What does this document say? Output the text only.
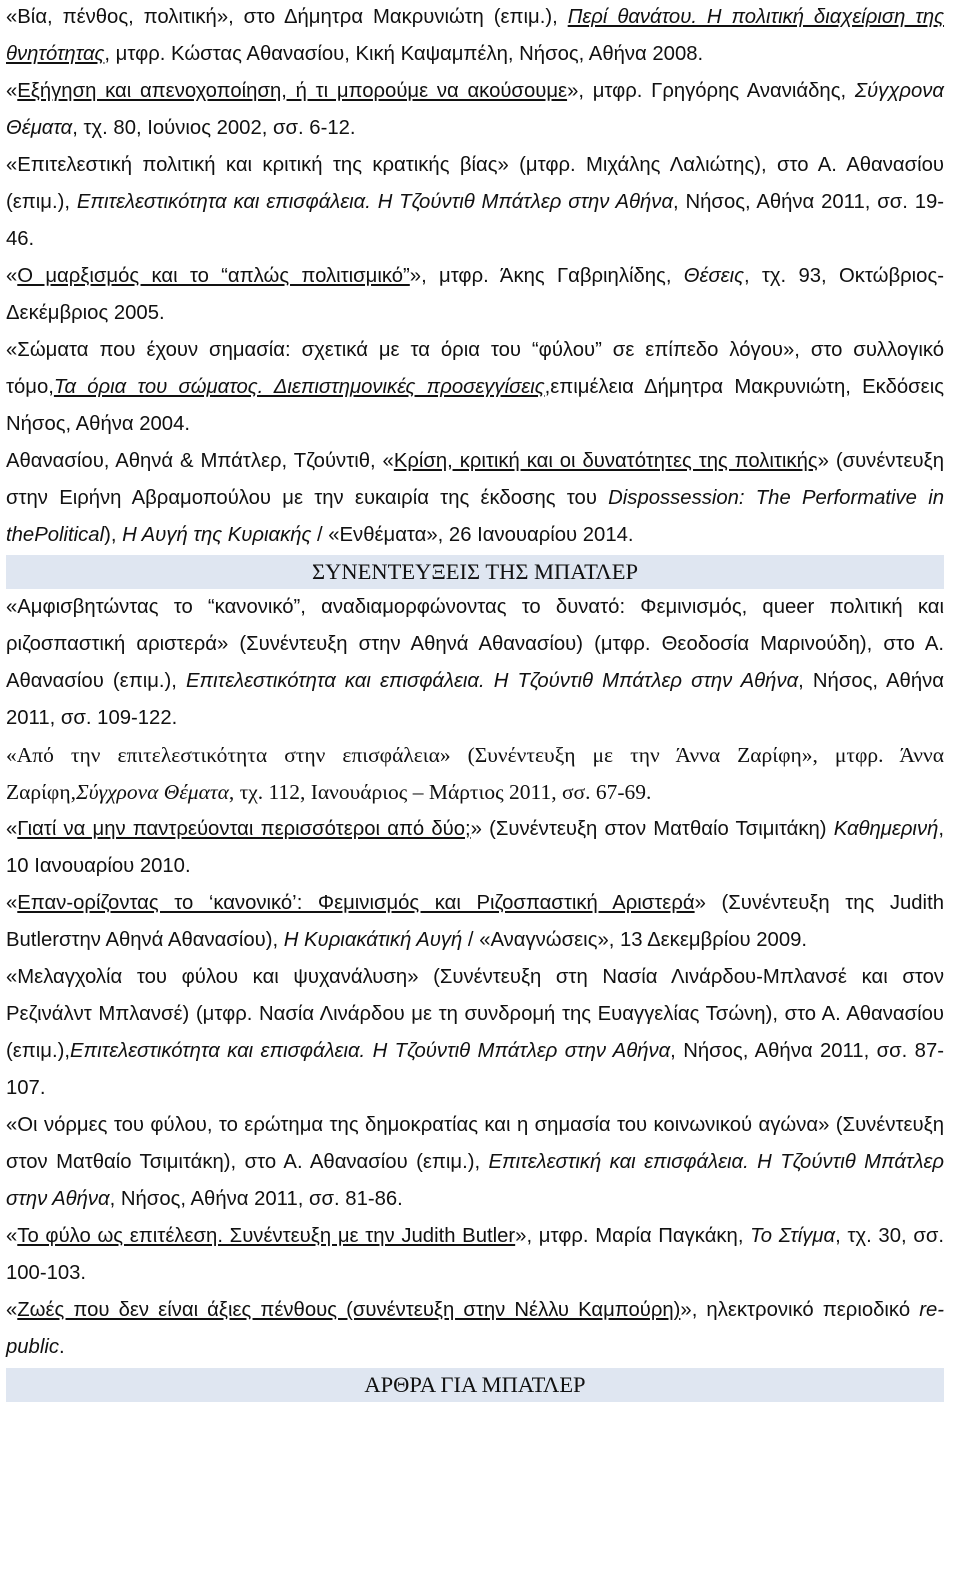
«Βία, πένθος, πολιτική», στο Δήμητρα Μακρυνιώτη (επιμ.), Περί θανάτου. Η πολιτική διαχείριση της θνητότητας, μτφρ. Κώστας Αθανασίου, Κική Καψαμπέλη, Νήσος, Αθήνα 2008.

«Εξήγηση και απενοχοποίηση, ή τι μπορούμε να ακούσουμε», μτφρ. Γρηγόρης Ανανιάδης, Σύγχρονα Θέματα, τχ. 80, Ιούνιος 2002, σσ. 6-12.

«Επιτελεστική πολιτική και κριτική της κρατικής βίας» (μτφρ. Μιχάλης Λαλιώτης), στο Α. Αθανασίου (επιμ.), Επιτελεστικότητα και επισφάλεια. Η Τζούντιθ Μπάτλερ στην Αθήνα, Νήσος, Αθήνα 2011, σσ. 19-46.

«Ο μαρξισμός και το “απλώς πολιτισμικό”», μτφρ. Άκης Γαβριηλίδης, Θέσεις, τχ. 93, Οκτώβριος-Δεκέμβριος 2005.

«Σώματα που έχουν σημασία: σχετικά με τα όρια του “φύλου” σε επίπεδο λόγου», στο συλλογικό τόμο,Τα όρια του σώματος. Διεπιστημονικές προσεγγίσεις,επιμέλεια Δήμητρα Μακρυνιώτη, Εκδόσεις Νήσος, Αθήνα 2004.

Αθανασίου, Αθηνά & Μπάτλερ, Τζούντιθ, «Κρίση, κριτική και οι δυνατότητες της πολιτικής» (συνέντευξη στην Ειρήνη Αβραμοπούλου με την ευκαιρία της έκδοσης του Dispossession: The Performative in thePolitical), Η Αυγή της Κυριακής / «Ενθέματα», 26 Ιανουαρίου 2014.

ΣΥΝΕΝΤΕΥΞΕΙΣ ΤΗΣ ΜΠΑΤΛΕΡ

«Αμφισβητώντας το “κανονικό”, αναδιαμορφώνοντας το δυνατό: Φεμινισμός, queer πολιτική και ριζοσπαστική αριστερά» (Συνέντευξη στην Αθηνά Αθανασίου) (μτφρ. Θεοδοσία Μαρινούδη), στο Α. Αθανασίου (επιμ.), Επιτελεστικότητα και επισφάλεια. Η Τζούντιθ Μπάτλερ στην Αθήνα, Νήσος, Αθήνα 2011, σσ. 109-122.

«Από την επιτελεστικότητα στην επισφάλεια» (Συνέντευξη με την Άννα Ζαρίφη», μτφρ. Άννα Ζαρίφη,Σύγχρονα Θέματα, τχ. 112, Ιανουάριος – Μάρτιος 2011, σσ. 67-69.

«Γιατί να μην παντρεύονται περισσότεροι από δύο;» (Συνέντευξη στον Ματθαίο Τσιμιτάκη) Καθημερινή, 10 Ιανουαρίου 2010.

«Επαν-ορίζοντας το ‘κανονικό’: Φεμινισμός και Ριζοσπαστική Αριστερά» (Συνέντευξη της Judith Butlerστην Αθηνά Αθανασίου), Η Κυριακάτική Αυγή / «Αναγνώσεις», 13 Δεκεμβρίου 2009.

«Μελαγχολία του φύλου και ψυχανάλυση» (Συνέντευξη στη Νασία Λινάρδου-Μπλανσέ και στον Ρεζινάλντ Μπλανσέ) (μτφρ. Νασία Λινάρδου με τη συνδρομή της Ευαγγελίας Τσώνη), στο Α. Αθανασίου (επιμ.),Επιτελεστικότητα και επισφάλεια. Η Τζούντιθ Μπάτλερ στην Αθήνα, Νήσος, Αθήνα 2011, σσ. 87-107.

«Οι νόρμες του φύλου, το ερώτημα της δημοκρατίας και η σημασία του κοινωνικού αγώνα» (Συνέντευξη στον Ματθαίο Τσιμιτάκη), στο Α. Αθανασίου (επιμ.), Επιτελεστική και επισφάλεια. Η Τζούντιθ Μπάτλερ στην Αθήνα, Νήσος, Αθήνα 2011, σσ. 81-86.

«Το φύλο ως επιτέλεση. Συνέντευξη με την Judith Butler», μτφρ. Μαρία Παγκάκη, Το Στίγμα, τχ. 30, σσ. 100-103.

«Ζωές που δεν είναι άξιες πένθους (συνέντευξη στην Νέλλυ Καμπούρη)», ηλεκτρονικό περιοδικό re-public.

ΑΡΘΡΑ ΓΙΑ ΜΠΑΤΛΕΡ
